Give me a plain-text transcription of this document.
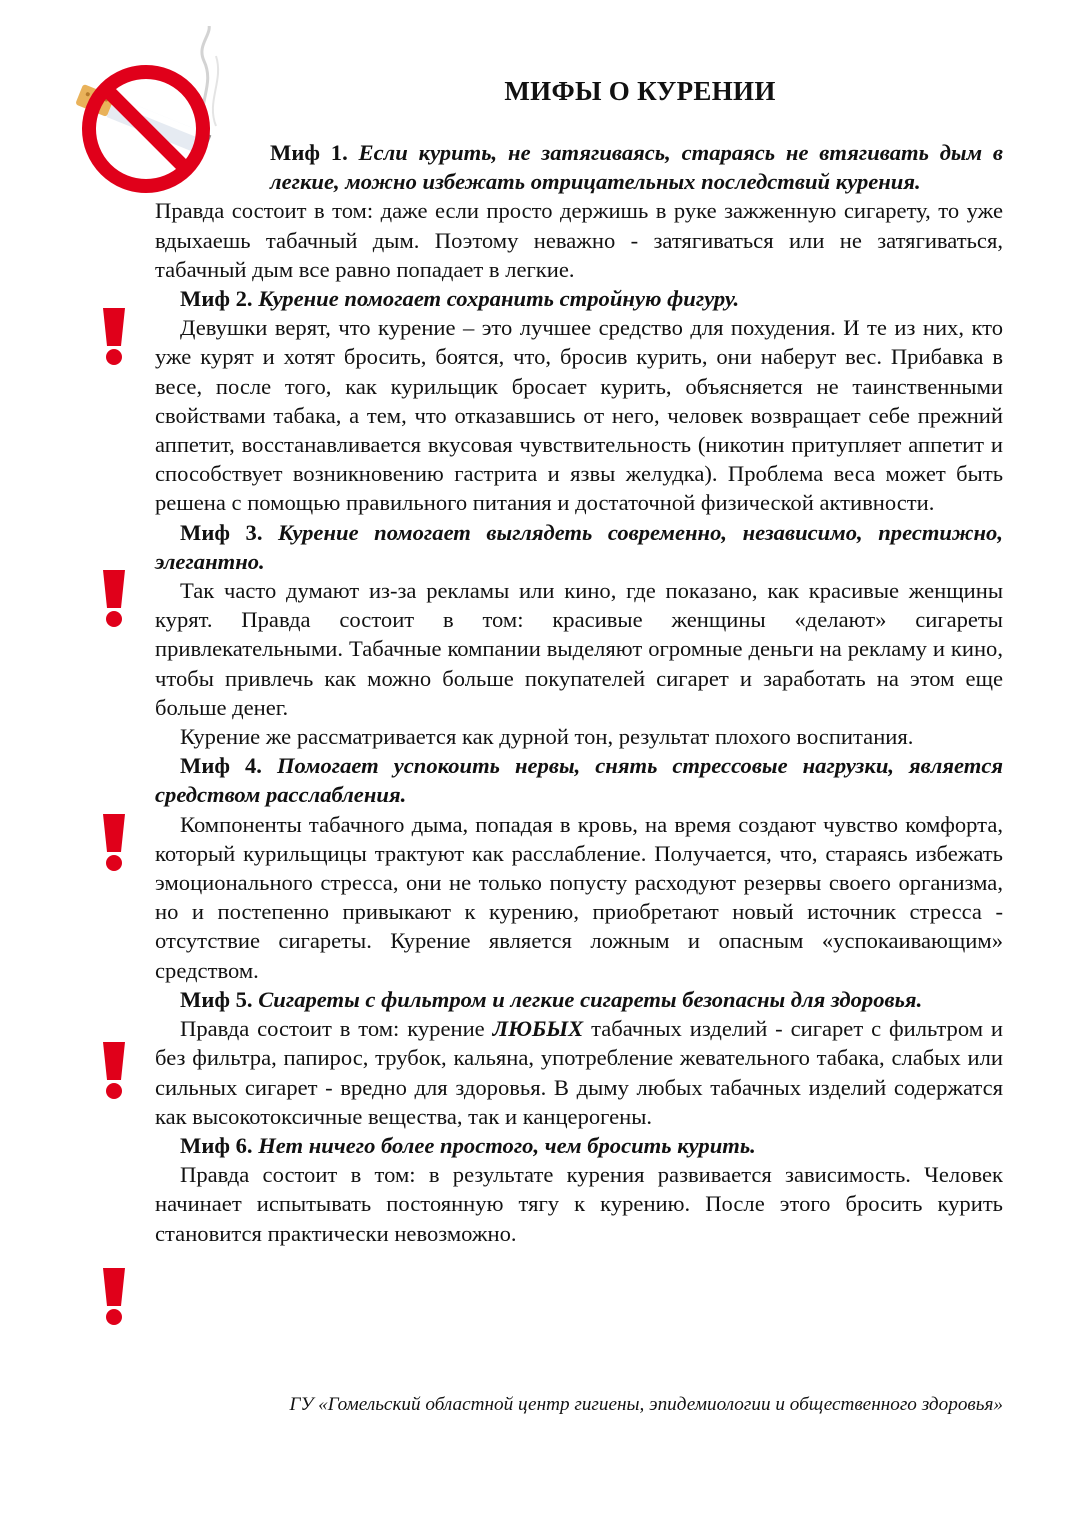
МИФЫ О КУРЕНИИ

Миф 1. Если курить, не затягиваясь, стараясь не втягивать дым в легкие, можно избежать отрицательных последствий курения.

Правда состоит в том: даже если просто держишь в руке зажженную сигарету, то уже вдыхаешь табачный дым. Поэтому неважно - затягиваться или не затягиваться, табачный дым все равно попадает в легкие.

Миф 2. Курение помогает сохранить стройную фигуру.

Девушки верят, что курение – это лучшее средство для похудения. И те из них, кто уже курят и хотят бросить, боятся, что, бросив курить, они наберут вес. Прибавка в весе, после того, как курильщик бросает курить, объясняется не таинственными свойствами табака, а тем, что отказавшись от него, человек возвращает себе прежний аппетит, восстанавливается вкусовая чувствительность (никотин притупляет аппетит и способствует возникновению гастрита и язвы желудка). Проблема веса может быть решена с помощью правильного питания и достаточной физической активности.

Миф 3. Курение помогает выглядеть современно, независимо, престижно, элегантно.

Так часто думают из-за рекламы или кино, где показано, как красивые женщины курят. Правда состоит в том: красивые женщины «делают» сигареты привлекательными. Табачные компании выделяют огромные деньги на рекламу и кино, чтобы привлечь как можно больше покупателей сигарет и заработать на этом еще больше денег.

Курение же рассматривается как дурной тон, результат плохого воспитания.

Миф 4. Помогает успокоить нервы, снять стрессовые нагрузки, является средством расслабления.

Компоненты табачного дыма, попадая в кровь, на время создают чувство комфорта, который курильщицы трактуют как расслабление. Получается, что, стараясь избежать эмоционального стресса, они не только попусту расходуют резервы своего организма, но и постепенно привыкают к курению, приобретают новый источник стресса - отсутствие сигареты. Курение является ложным и опасным «успокаивающим» средством.

Миф 5. Сигареты с фильтром и легкие сигареты безопасны для здоровья.

Правда состоит в том: курение ЛЮБЫХ табачных изделий - сигарет с фильтром и без фильтра, папирос, трубок, кальяна, употребление жевательного табака, слабых или сильных сигарет - вредно для здоровья. В дыму любых табачных изделий содержатся как высокотоксичные вещества, так и канцерогены.

Миф 6. Нет ничего более простого, чем бросить курить.

Правда состоит в том: в результате курения развивается зависимость. Человек начинает испытывать постоянную тягу к курению. После этого бросить курить становится практически невозможно.

ГУ «Гомельский областной центр гигиены, эпидемиологии и общественного здоровья»
